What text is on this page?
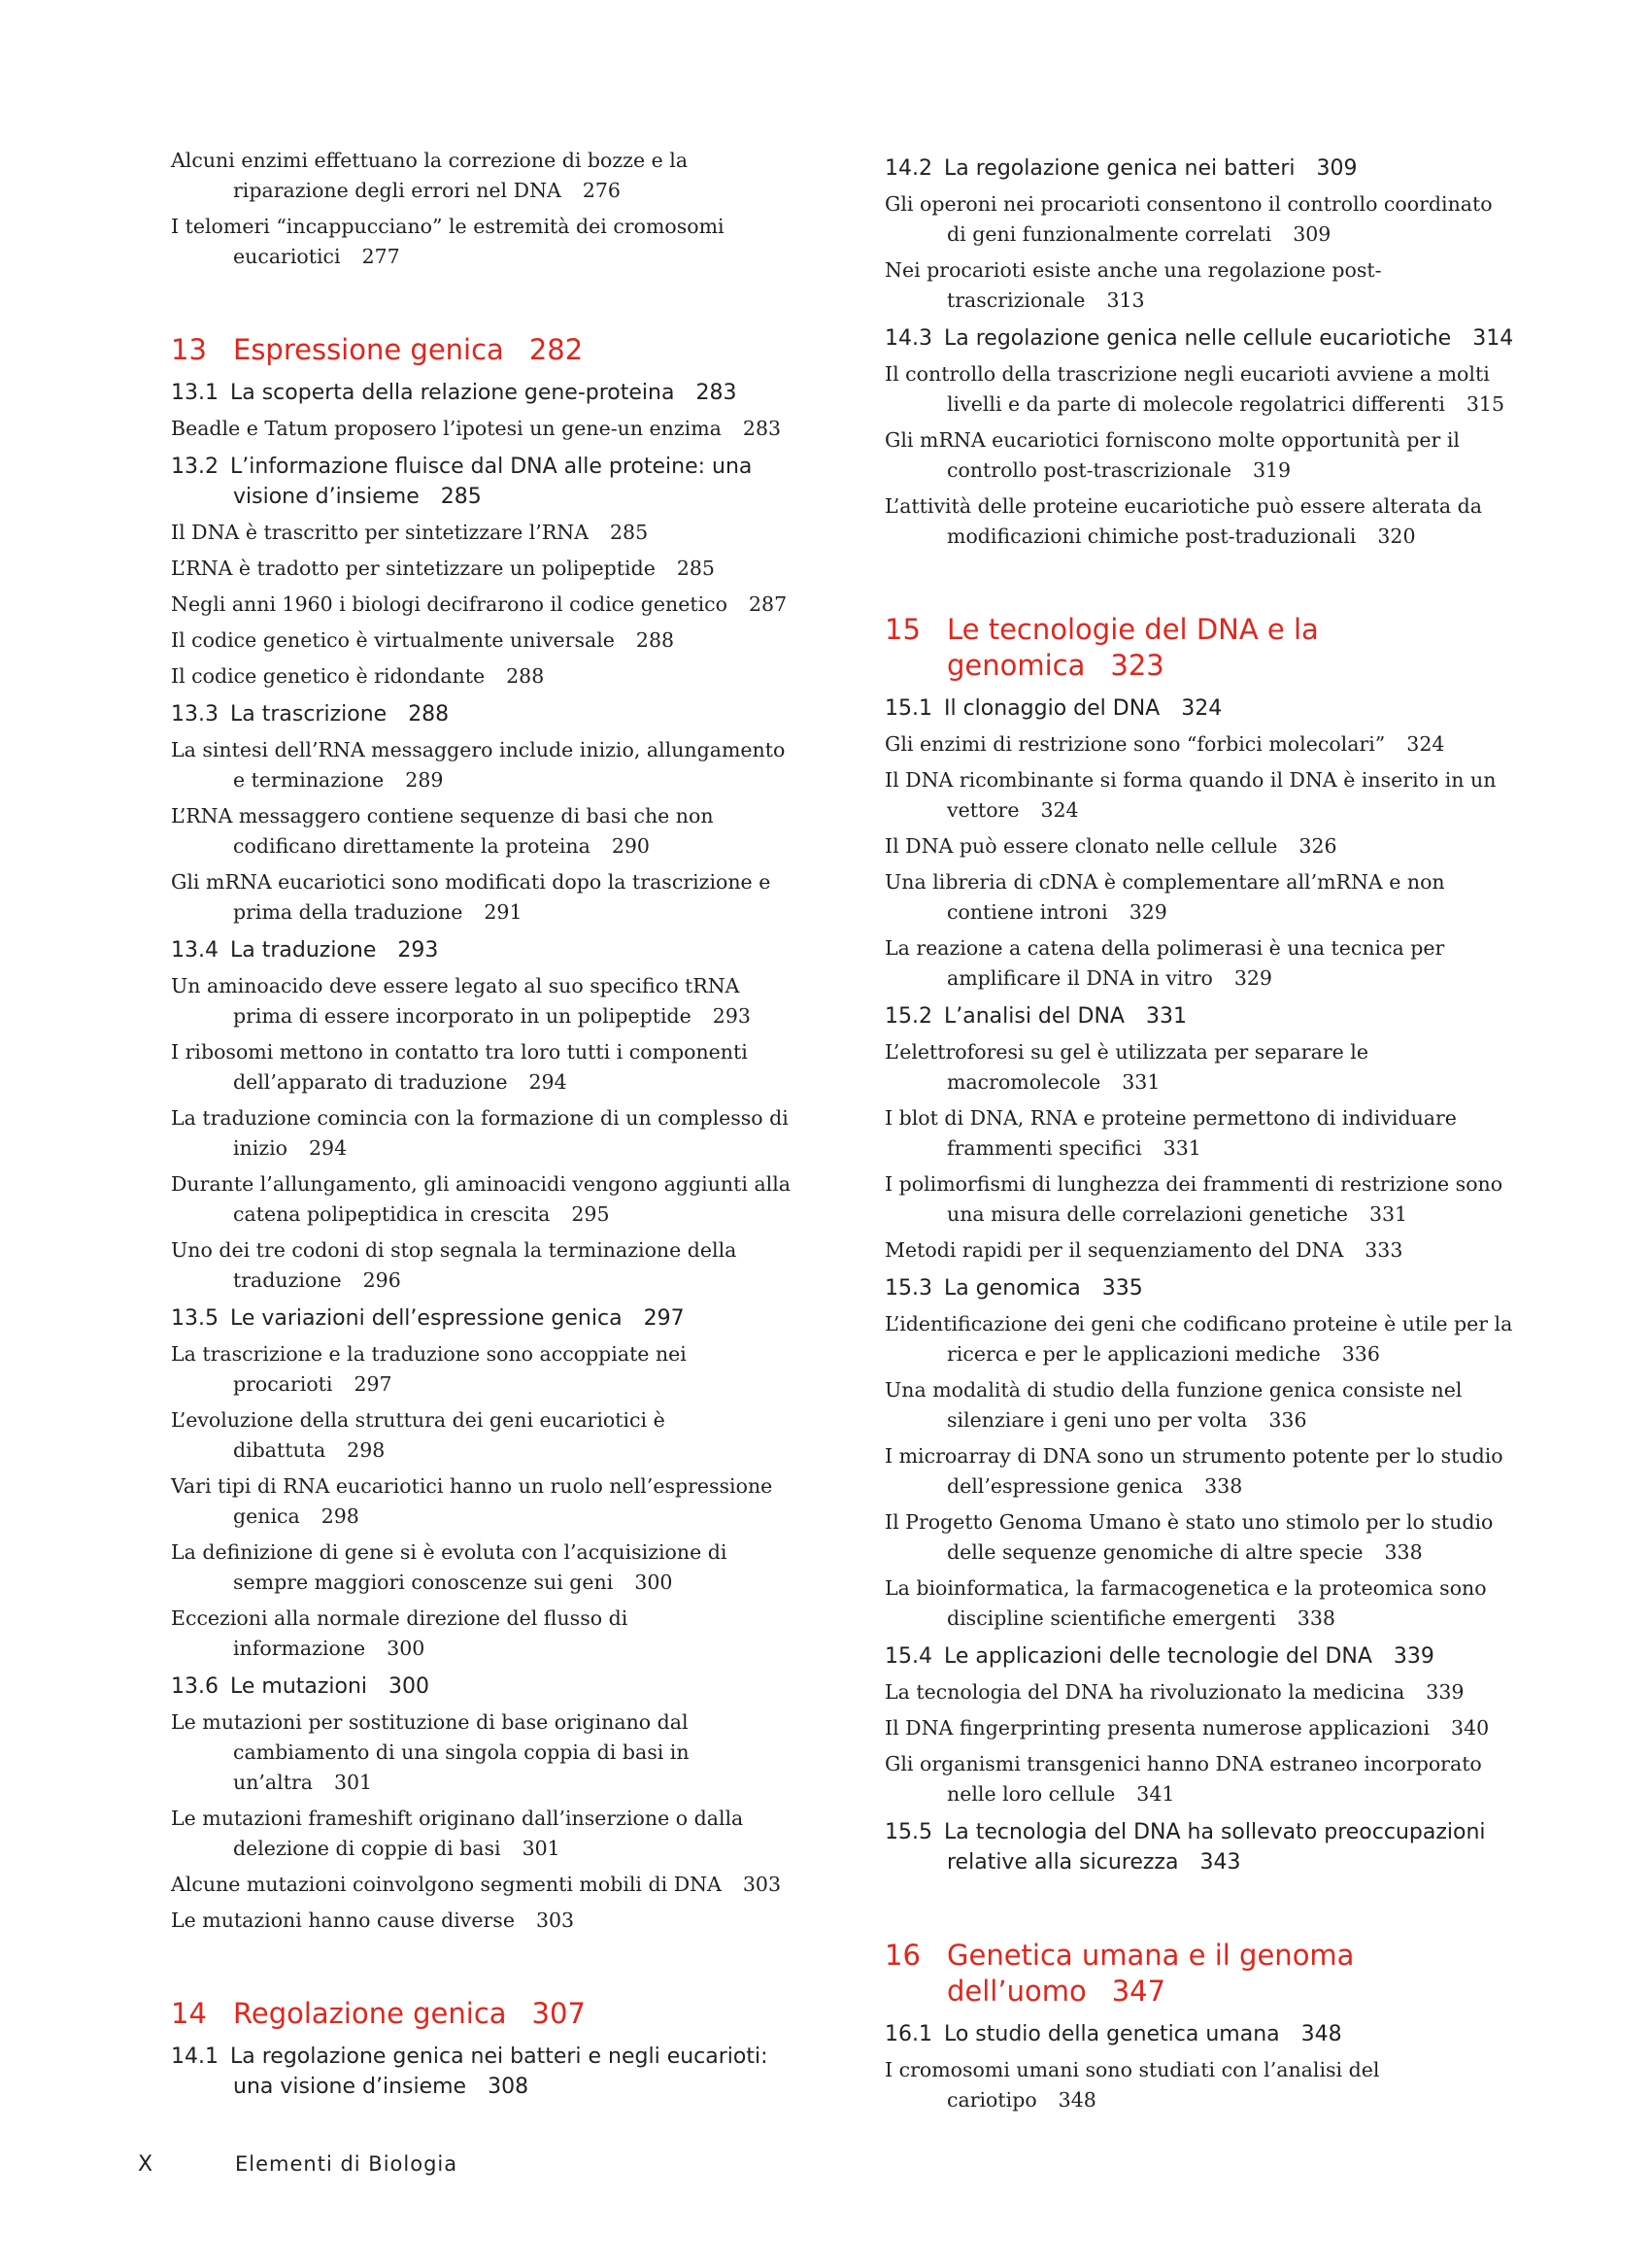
Alcuni enzimi effettuano la correzione di bozze e la riparazione degli errori nel DNA 276
I telomeri “incappucciano” le estremità dei cromosomi eucariotici 277
13 Espressione genica 282
13.1 La scoperta della relazione gene-proteina 283
Beadle e Tatum proposero l’ipotesi un gene-un enzima 283
13.2 L’informazione fluisce dal DNA alle proteine: una visione d’insieme 285
Il DNA è trascritto per sintetizzare l’RNA 285
L’RNA è tradotto per sintetizzare un polipeptide 285
Negli anni 1960 i biologi decifrarono il codice genetico 287
Il codice genetico è virtualmente universale 288
Il codice genetico è ridondante 288
13.3 La trascrizione 288
La sintesi dell’RNA messaggero include inizio, allungamento e terminazione 289
L’RNA messaggero contiene sequenze di basi che non codificano direttamente la proteina 290
Gli mRNA eucariotici sono modificati dopo la trascrizione e prima della traduzione 291
13.4 La traduzione 293
Un aminoacido deve essere legato al suo specifico tRNA prima di essere incorporato in un polipeptide 293
I ribosomi mettono in contatto tra loro tutti i componenti dell’apparato di traduzione 294
La traduzione comincia con la formazione di un complesso di inizio 294
Durante l’allungamento, gli aminoacidi vengono aggiunti alla catena polipeptidica in crescita 295
Uno dei tre codoni di stop segnala la terminazione della traduzione 296
13.5 Le variazioni dell’espressione genica 297
La trascrizione e la traduzione sono accoppiate nei procarioti 297
L’evoluzione della struttura dei geni eucariotici è dibattuta 298
Vari tipi di RNA eucariotici hanno un ruolo nell’espressione genica 298
La definizione di gene si è evoluta con l’acquisizione di sempre maggiori conoscenze sui geni 300
Eccezioni alla normale direzione del flusso di informazione 300
13.6 Le mutazioni 300
Le mutazioni per sostituzione di base originano dal cambiamento di una singola coppia di basi in un’altra 301
Le mutazioni frameshift originano dall’inserzione o dalla delezione di coppie di basi 301
Alcune mutazioni coinvolgono segmenti mobili di DNA 303
Le mutazioni hanno cause diverse 303
14 Regolazione genica 307
14.1 La regolazione genica nei batteri e negli eucarioti: una visione d’insieme 308
14.2 La regolazione genica nei batteri 309
Gli operoni nei procarioti consentono il controllo coordinato di geni funzionalmente correlati 309
Nei procarioti esiste anche una regolazione post-trascrizionale 313
14.3 La regolazione genica nelle cellule eucariotiche 314
Il controllo della trascrizione negli eucarioti avviene a molti livelli e da parte di molecole regolatrici differenti 315
Gli mRNA eucariotici forniscono molte opportunità per il controllo post-trascrizionale 319
L’attività delle proteine eucariotiche può essere alterata da modificazioni chimiche post-traduzionali 320
15 Le tecnologie del DNA e la genomica 323
15.1 Il clonaggio del DNA 324
Gli enzimi di restrizione sono “forbici molecolari” 324
Il DNA ricombinante si forma quando il DNA è inserito in un vettore 324
Il DNA può essere clonato nelle cellule 326
Una libreria di cDNA è complementare all’mRNA e non contiene introni 329
La reazione a catena della polimerasi è una tecnica per amplificare il DNA in vitro 329
15.2 L’analisi del DNA 331
L’elettroforesi su gel è utilizzata per separare le macromolecole 331
I blot di DNA, RNA e proteine permettono di individuare frammenti specifici 331
I polimorfismi di lunghezza dei frammenti di restrizione sono una misura delle correlazioni genetiche 331
Metodi rapidi per il sequenziamento del DNA 333
15.3 La genomica 335
L’identificazione dei geni che codificano proteine è utile per la ricerca e per le applicazioni mediche 336
Una modalità di studio della funzione genica consiste nel silenziare i geni uno per volta 336
I microarray di DNA sono un strumento potente per lo studio dell’espressione genica 338
Il Progetto Genoma Umano è stato uno stimolo per lo studio delle sequenze genomiche di altre specie 338
La bioinformatica, la farmacogenetica e la proteomica sono discipline scientifiche emergenti 338
15.4 Le applicazioni delle tecnologie del DNA 339
La tecnologia del DNA ha rivoluzionato la medicina 339
Il DNA fingerprinting presenta numerose applicazioni 340
Gli organismi transgenici hanno DNA estraneo incorporato nelle loro cellule 341
15.5 La tecnologia del DNA ha sollevato preoccupazioni relative alla sicurezza 343
16 Genetica umana e il genoma dell’uomo 347
16.1 Lo studio della genetica umana 348
I cromosomi umani sono studiati con l’analisi del cariotipo 348
X	Elementi di Biologia
